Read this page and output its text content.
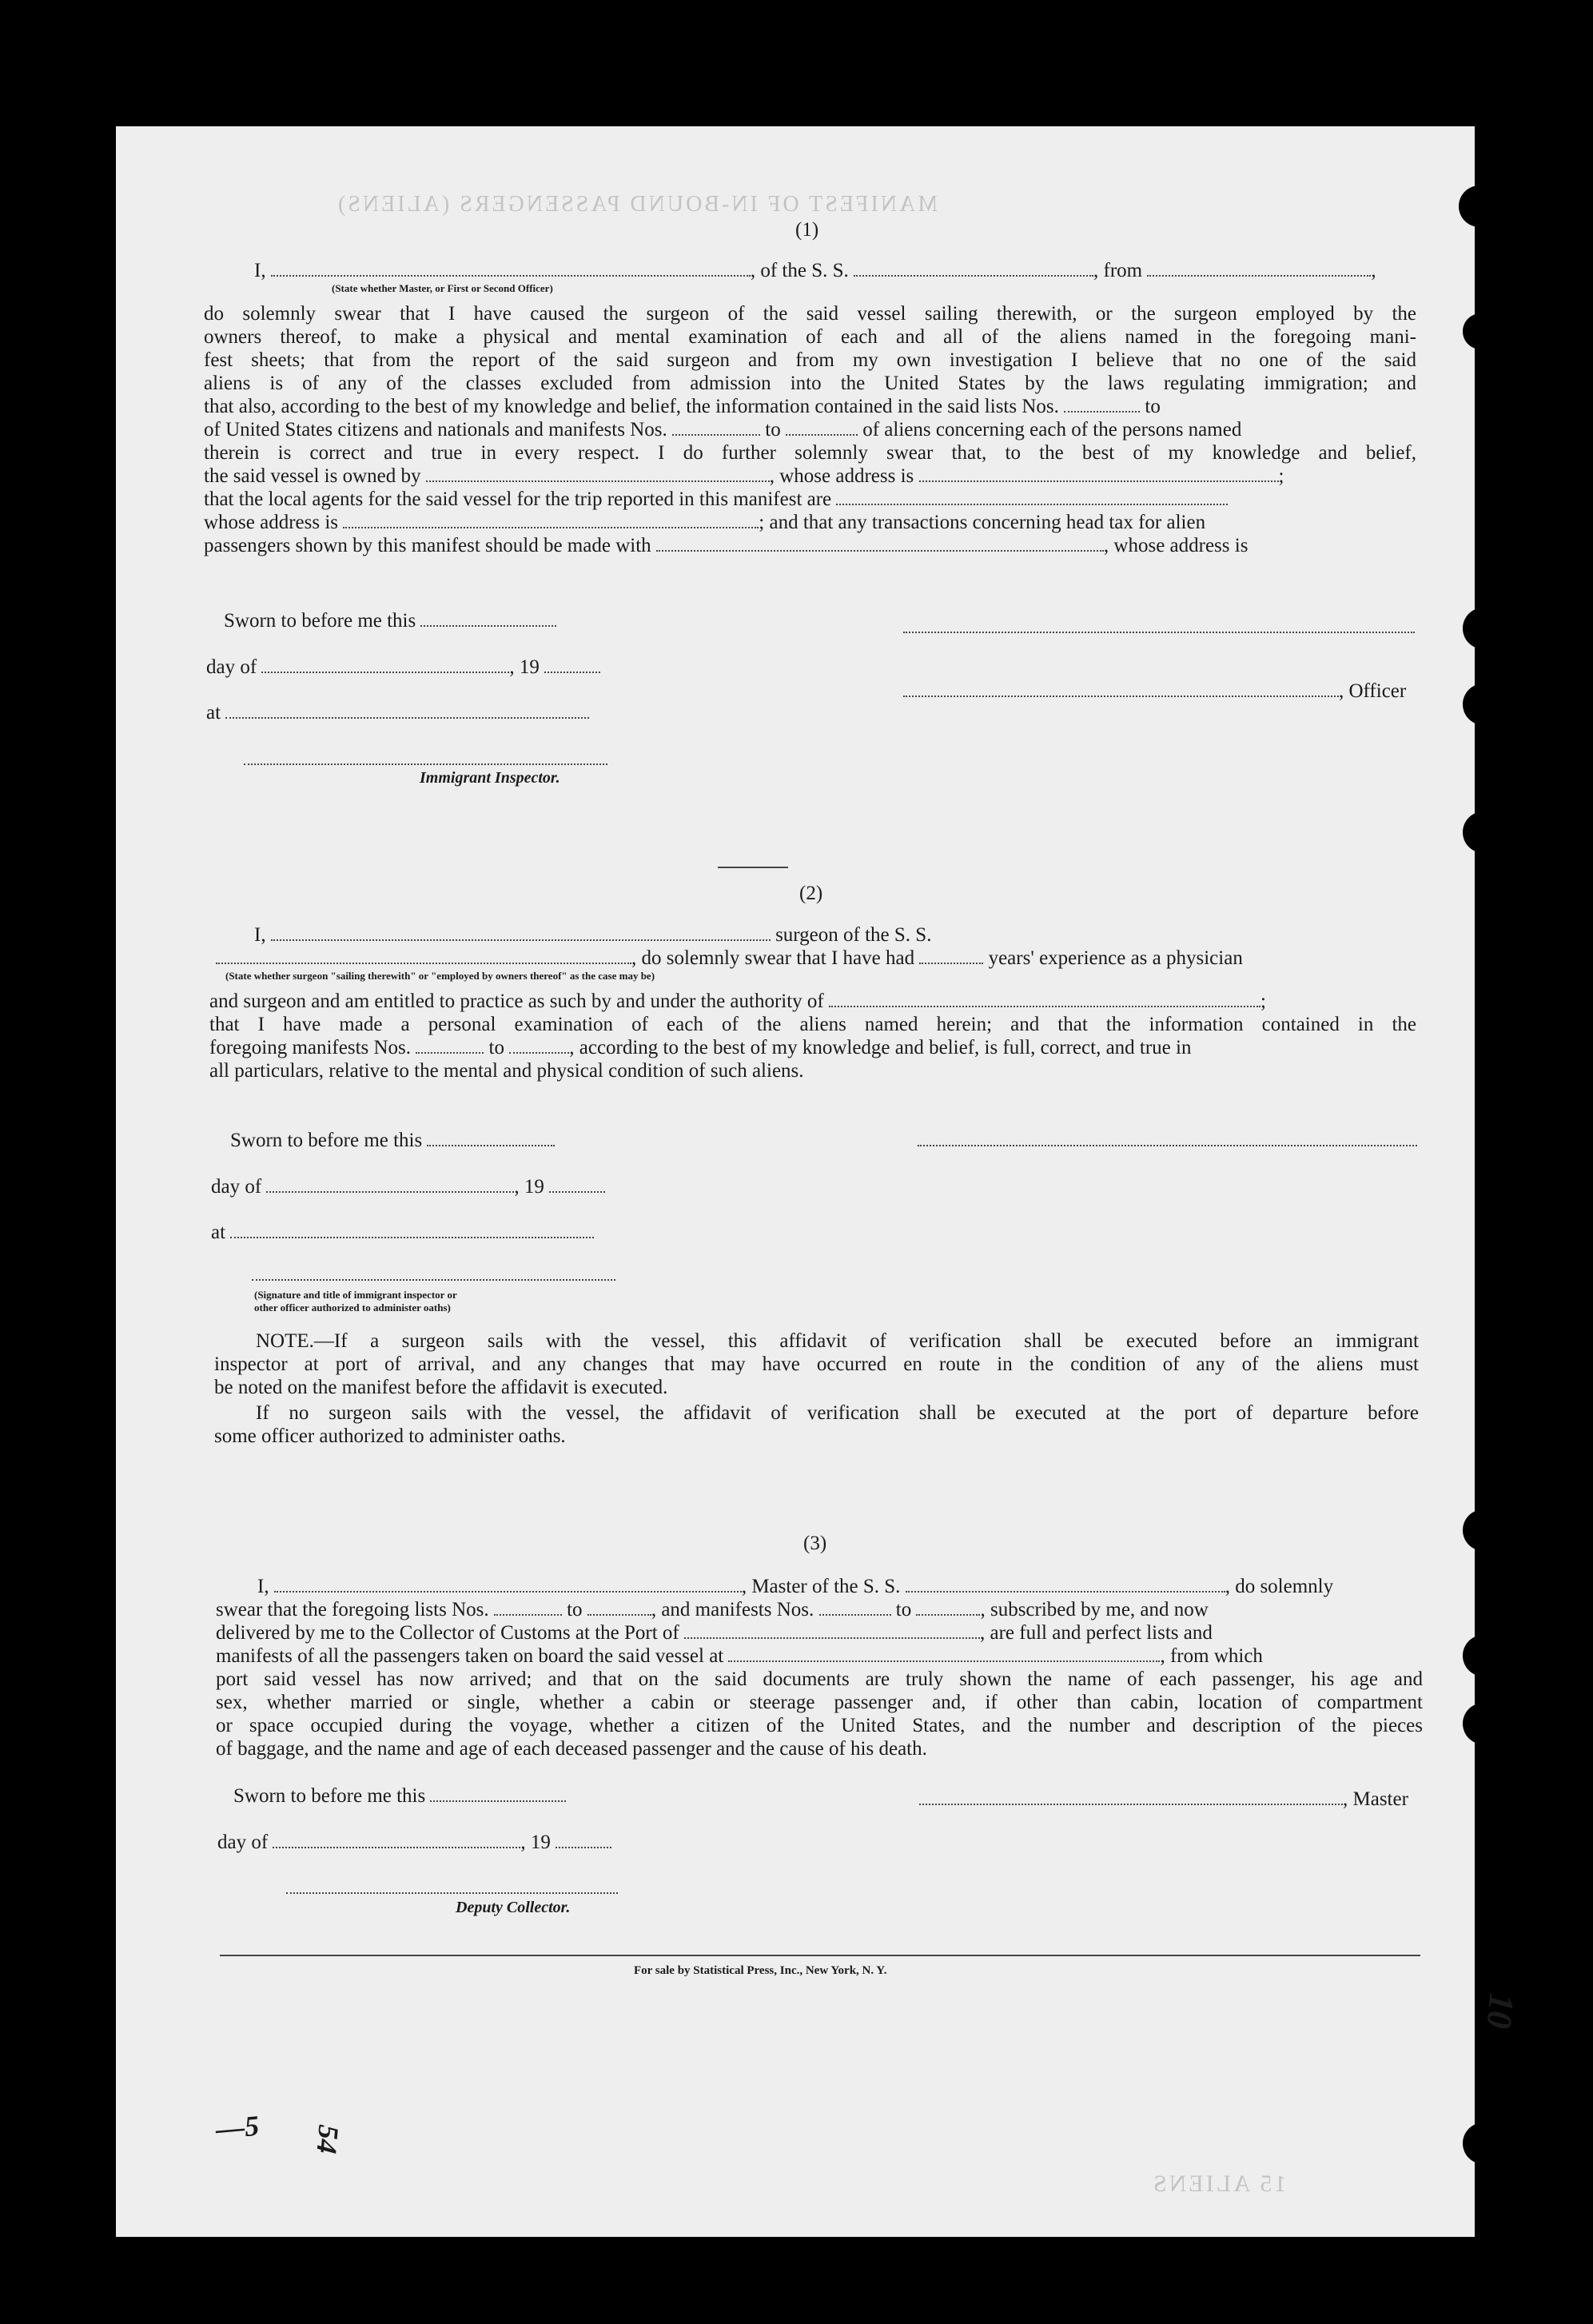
MANIFEST OF IN-BOUND PASSENGERS (ALIENS)
15 ALIENS
(1)
I,	, of the S. S.	, from	,
(State whether Master, or First or Second Officer)
do solemnly swear that I have caused the surgeon of the said vessel sailing therewith, or the surgeon employed by the
owners thereof, to make a physical and mental examination of each and all of the aliens named in the foregoing mani-
fest sheets; that from the report of the said surgeon and from my own investigation I believe that no one of the said
aliens is of any of the classes excluded from admission into the United States by the laws regulating immigration; and
that also, according to the best of my knowledge and belief, the information contained in the said lists Nos.	to
of United States citizens and nationals and manifests Nos.	to	of aliens concerning each of the persons named
therein is correct and true in every respect. I do further solemnly swear that, to the best of my knowledge and belief,
the said vessel is owned by	, whose address is	;
that the local agents for the said vessel for the trip reported in this manifest are
whose address is	; and that any transactions concerning head tax for alien
passengers shown by this manifest should be made with	, whose address is
Sworn to before me this
day of	, 19
at
Immigrant Inspector.
, Officer
(2)
I,	surgeon of the S. S.
, do solemnly swear that I have had	years' experience as a physician
(State whether surgeon "sailing therewith" or "employed by owners thereof" as the case may be)
and surgeon and am entitled to practice as such by and under the authority of	;
that I have made a personal examination of each of the aliens named herein; and that the information contained in the
foregoing manifests Nos.	to	, according to the best of my knowledge and belief, is full, correct, and true in
all particulars, relative to the mental and physical condition of such aliens.
Sworn to before me this
day of	, 19
at
(Signature and title of immigrant inspector or
other officer authorized to administer oaths)
NOTE.—If a surgeon sails with the vessel, this affidavit of verification shall be executed before an immigrant
inspector at port of arrival, and any changes that may have occurred en route in the condition of any of the aliens must
be noted on the manifest before the affidavit is executed.
If no surgeon sails with the vessel, the affidavit of verification shall be executed at the port of departure before
some officer authorized to administer oaths.
(3)
I,	, Master of the S. S.	, do solemnly
swear that the foregoing lists Nos.	to	, and manifests Nos.	to	, subscribed by me, and now
delivered by me to the Collector of Customs at the Port of	, are full and perfect lists and
manifests of all the passengers taken on board the said vessel at	, from which
port said vessel has now arrived; and that on the said documents are truly shown the name of each passenger, his age and
sex, whether married or single, whether a cabin or steerage passenger and, if other than cabin, location of compartment
or space occupied during the voyage, whether a citizen of the United States, and the number and description of the pieces
of baggage, and the name and age of each deceased passenger and the cause of his death.
Sworn to before me this	, Master
day of	, 19
Deputy Collector.
For sale by Statistical Press, Inc., New York, N. Y.
—5 54
10
